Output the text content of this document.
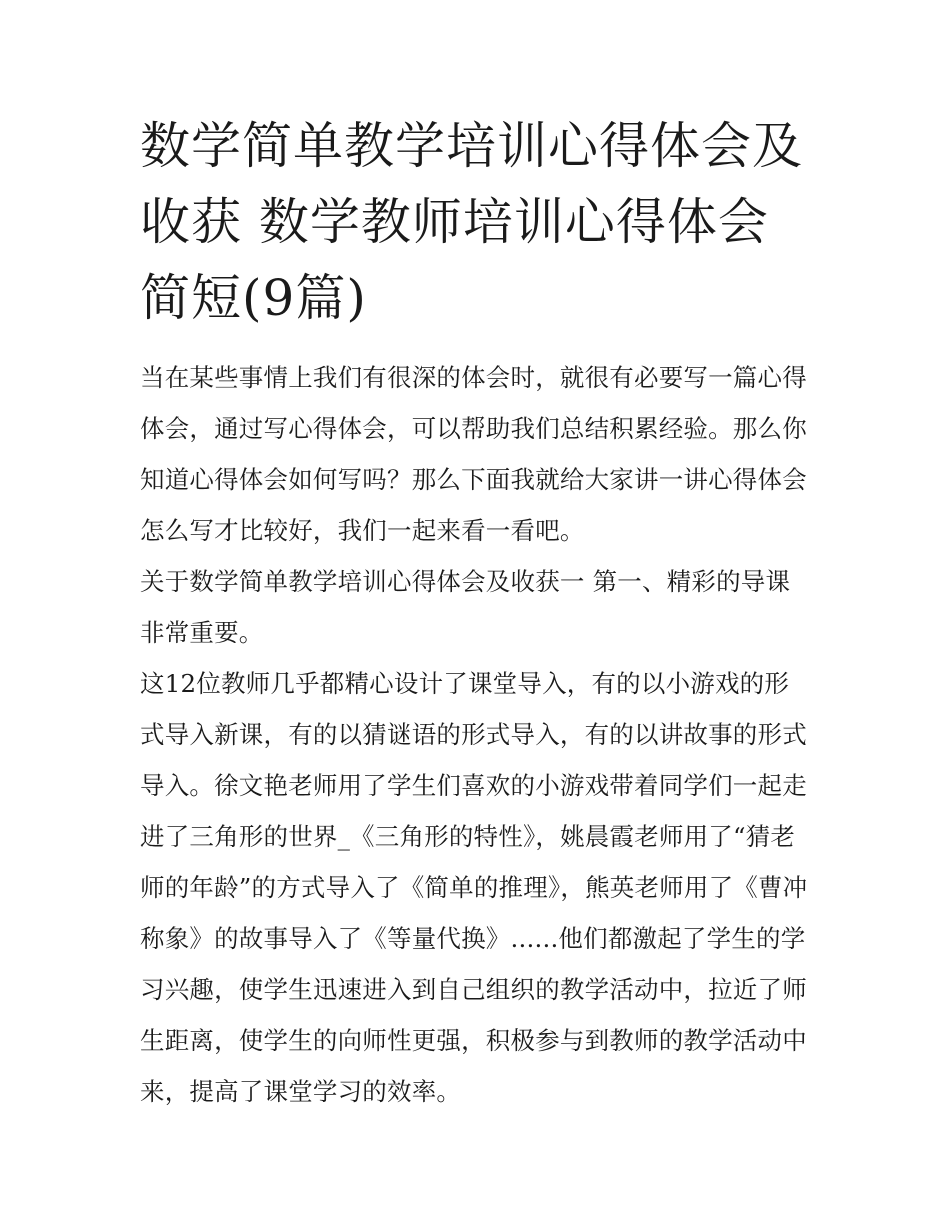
数学简单教学培训心得体会及收获 数学教师培训心得体会简短(9篇)

当在某些事情上我们有很深的体会时，就很有必要写一篇心得体会，通过写心得体会，可以帮助我们总结积累经验。那么你知道心得体会如何写吗？那么下面我就给大家讲一讲心得体会怎么写才比较好，我们一起来看一看吧。

关于数学简单教学培训心得体会及收获一 第一、精彩的导课非常重要。

这12位教师几乎都精心设计了课堂导入，有的以小游戏的形式导入新课，有的以猜谜语的形式导入，有的以讲故事的形式导入。徐文艳老师用了学生们喜欢的小游戏带着同学们一起走进了三角形的世界_《三角形的特性》，姚晨霞老师用了“猜老师的年龄”的方式导入了《简单的推理》，熊英老师用了《曹冲称象》的故事导入了《等量代换》......他们都激起了学生的学习兴趣，使学生迅速进入到自己组织的教学活动中，拉近了师生距离，使学生的向师性更强，积极参与到教师的教学活动中来，提高了课堂学习的效率。
